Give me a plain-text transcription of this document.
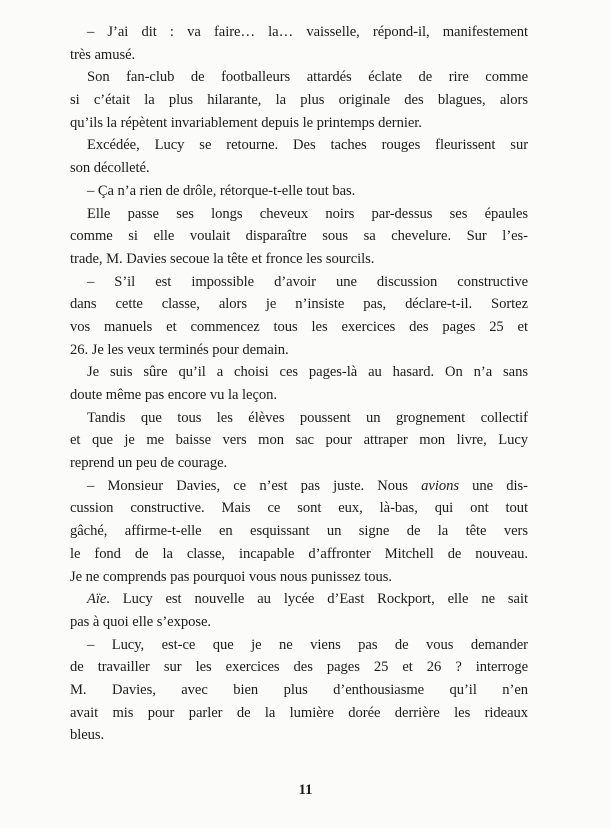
– J’ai dit : va faire… la… vaisselle, répond-il, manifestement
très amusé.
Son fan-club de footballeurs attardés éclate de rire comme
si c’était la plus hilarante, la plus originale des blagues, alors
qu’ils la répètent invariablement depuis le printemps dernier.
Excédée, Lucy se retourne. Des taches rouges fleurissent sur
son décolleté.
– Ça n’a rien de drôle, rétorque-t-elle tout bas.
Elle passe ses longs cheveux noirs par-dessus ses épaules
comme si elle voulait disparaître sous sa chevelure. Sur l’es-
trade, M. Davies secoue la tête et fronce les sourcils.
– S’il est impossible d’avoir une discussion constructive
dans cette classe, alors je n’insiste pas, déclare-t-il. Sortez
vos manuels et commencez tous les exercices des pages 25 et
26. Je les veux terminés pour demain.
Je suis sûre qu’il a choisi ces pages-là au hasard. On n’a sans
doute même pas encore vu la leçon.
Tandis que tous les élèves poussent un grognement collectif
et que je me baisse vers mon sac pour attraper mon livre, Lucy
reprend un peu de courage.
– Monsieur Davies, ce n’est pas juste. Nous avions une dis-
cussion constructive. Mais ce sont eux, là-bas, qui ont tout
gâché, affirme-t-elle en esquissant un signe de la tête vers
le fond de la classe, incapable d’affronter Mitchell de nouveau.
Je ne comprends pas pourquoi vous nous punissez tous.
Aïe. Lucy est nouvelle au lycée d’East Rockport, elle ne sait
pas à quoi elle s’expose.
– Lucy, est-ce que je ne viens pas de vous demander
de travailler sur les exercices des pages 25 et 26 ? interroge
M. Davies, avec bien plus d’enthousiasme qu’il n’en
avait mis pour parler de la lumière dorée derrière les rideaux
bleus.
11
